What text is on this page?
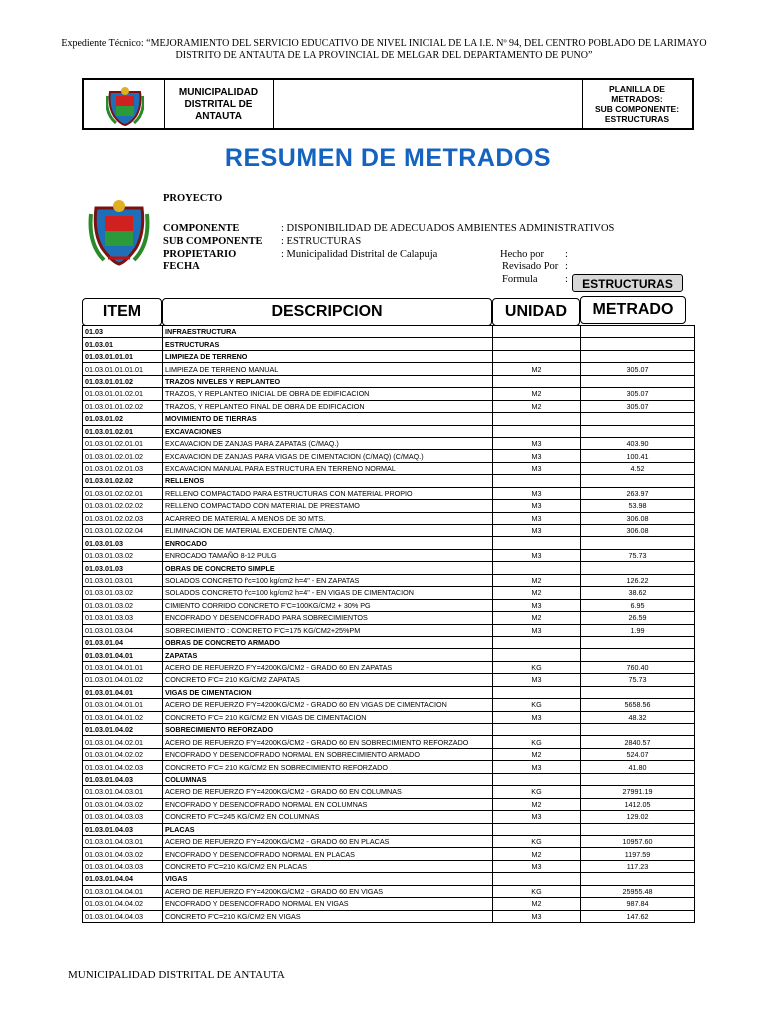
Expediente Técnico: “MEJORAMIENTO DEL SERVICIO EDUCATIVO DE NIVEL INICIAL DE LA I.E. Nº 94, DEL CENTRO POBLADO DE LARIMAYO
DISTRITO DE ANTAUTA DE LA PROVINCIAL DE MELGAR DEL DEPARTAMENTO DE PUNO”
MUNICIPALIDAD
DISTRITAL DE
ANTAUTA
PLANILLA DE
METRADOS:
SUB COMPONENTE:
ESTRUCTURAS
RESUMEN DE METRADOS
PROYECTO
COMPONENTE	: DISPONIBILIDAD DE ADECUADOS AMBIENTES ADMINISTRATIVOS
SUB COMPONENTE : ESTRUCTURAS
PROPIETARIO	: Municipalidad Distrital de Calapuja
FECHA
Hecho por :
Revisado Por :
Formula	:	ESTRUCTURAS
ITEM	DESCRIPCION	UNIDAD	METRADO
01.03	INFRAESTRUCTURA		
01.03.01	ESTRUCTURAS		
01.03.01.01.01	LIMPIEZA DE TERRENO		
01.03.01.01.01.01	LIMPIEZA DE TERRENO MANUAL	M2	305.07
01.03.01.01.02	TRAZOS NIVELES Y REPLANTEO		
01.03.01.01.02.01	TRAZOS, Y REPLANTEO INICIAL DE OBRA DE EDIFICACION	M2	305.07
01.03.01.01.02.02	TRAZOS, Y REPLANTEO FINAL DE OBRA DE EDIFICACION	M2	305.07
01.03.01.02	MOVIMIENTO DE TIERRAS		
01.03.01.02.01	EXCAVACIONES		
01.03.01.02.01.01	EXCAVACION DE ZANJAS PARA ZAPATAS (C/MAQ.)	M3	403.90
01.03.01.02.01.02	EXCAVACION DE ZANJAS PARA VIGAS DE CIMENTACION (C/MAQ) (C/MAQ.)	M3	100.41
01.03.01.02.01.03	EXCAVACION MANUAL PARA ESTRUCTURA EN TERRENO NORMAL	M3	4.52
01.03.01.02.02	RELLENOS		
01.03.01.02.02.01	RELLENO COMPACTADO PARA ESTRUCTURAS CON MATERIAL PROPIO	M3	263.97
01.03.01.02.02.02	RELLENO COMPACTADO CON MATERIAL DE PRESTAMO	M3	53.98
01.03.01.02.02.03	ACARREO DE MATERIAL A MENOS DE 30 MTS.	M3	306.08
01.03.01.02.02.04	ELIMINACION DE MATERIAL EXCEDENTE C/MAQ.	M3	306.08
01.03.01.03	ENROCADO		
01.03.01.03.02	ENROCADO TAMAÑO 8-12 PULG	M3	75.73
01.03.01.03	OBRAS DE CONCRETO SIMPLE		
01.03.01.03.01	SOLADOS CONCRETO f'c=100 kg/cm2 h=4" - EN ZAPATAS	M2	126.22
01.03.01.03.02	SOLADOS CONCRETO f'c=100 kg/cm2 h=4" - EN VIGAS DE CIMENTACION	M2	38.62
01.03.01.03.02	CIMIENTO CORRIDO CONCRETO F'C=100KG/CM2 + 30% PG	M3	6.95
01.03.01.03.03	ENCOFRADO Y DESENCOFRADO PARA SOBRECIMIENTOS	M2	26.59
01.03.01.03.04	SOBRECIMIENTO : CONCRETO F'C=175 KG/CM2+25%PM	M3	1.99
01.03.01.04	OBRAS DE CONCRETO ARMADO		
01.03.01.04.01	ZAPATAS		
01.03.01.04.01.01	ACERO DE REFUERZO F'Y=4200KG/CM2 - GRADO 60 EN ZAPATAS	KG	760.40
01.03.01.04.01.02	CONCRETO F'C= 210 KG/CM2 ZAPATAS	M3	75.73
01.03.01.04.01	VIGAS DE CIMENTACION		
01.03.01.04.01.01	ACERO DE REFUERZO F'Y=4200KG/CM2 - GRADO 60 EN VIGAS DE CIMENTACION	KG	5658.56
01.03.01.04.01.02	CONCRETO F'C= 210 KG/CM2 EN VIGAS DE CIMENTACION	M3	48.32
01.03.01.04.02	SOBRECIMIENTO REFORZADO		
01.03.01.04.02.01	ACERO DE REFUERZO F'Y=4200KG/CM2 - GRADO 60 EN SOBRECIMIENTO REFORZADO	KG	2840.57
01.03.01.04.02.02	ENCOFRADO Y DESENCOFRADO NORMAL EN SOBRECIMIENTO ARMADO	M2	524.07
01.03.01.04.02.03	CONCRETO F'C= 210 KG/CM2 EN SOBRECIMIENTO REFORZADO	M3	41.80
01.03.01.04.03	COLUMNAS		
01.03.01.04.03.01	ACERO DE REFUERZO F'Y=4200KG/CM2 - GRADO 60 EN COLUMNAS	KG	27991.19
01.03.01.04.03.02	ENCOFRADO Y DESENCOFRADO NORMAL EN COLUMNAS	M2	1412.05
01.03.01.04.03.03	CONCRETO F'C=245 KG/CM2 EN COLUMNAS	M3	129.02
01.03.01.04.03	PLACAS		
01.03.01.04.03.01	ACERO DE REFUERZO F'Y=4200KG/CM2 - GRADO 60 EN PLACAS	KG	10957.60
01.03.01.04.03.02	ENCOFRADO Y DESENCOFRADO NORMAL EN PLACAS	M2	1197.59
01.03.01.04.03.03	CONCRETO F'C=210 KG/CM2 EN PLACAS	M3	117.23
01.03.01.04.04	VIGAS		
01.03.01.04.04.01	ACERO DE REFUERZO F'Y=4200KG/CM2 - GRADO 60 EN VIGAS	KG	25955.48
01.03.01.04.04.02	ENCOFRADO Y DESENCOFRADO NORMAL EN VIGAS	M2	987.84
01.03.01.04.04.03	CONCRETO F'C=210 KG/CM2 EN VIGAS	M3	147.62
MUNICIPALIDAD DISTRITAL DE ANTAUTA
